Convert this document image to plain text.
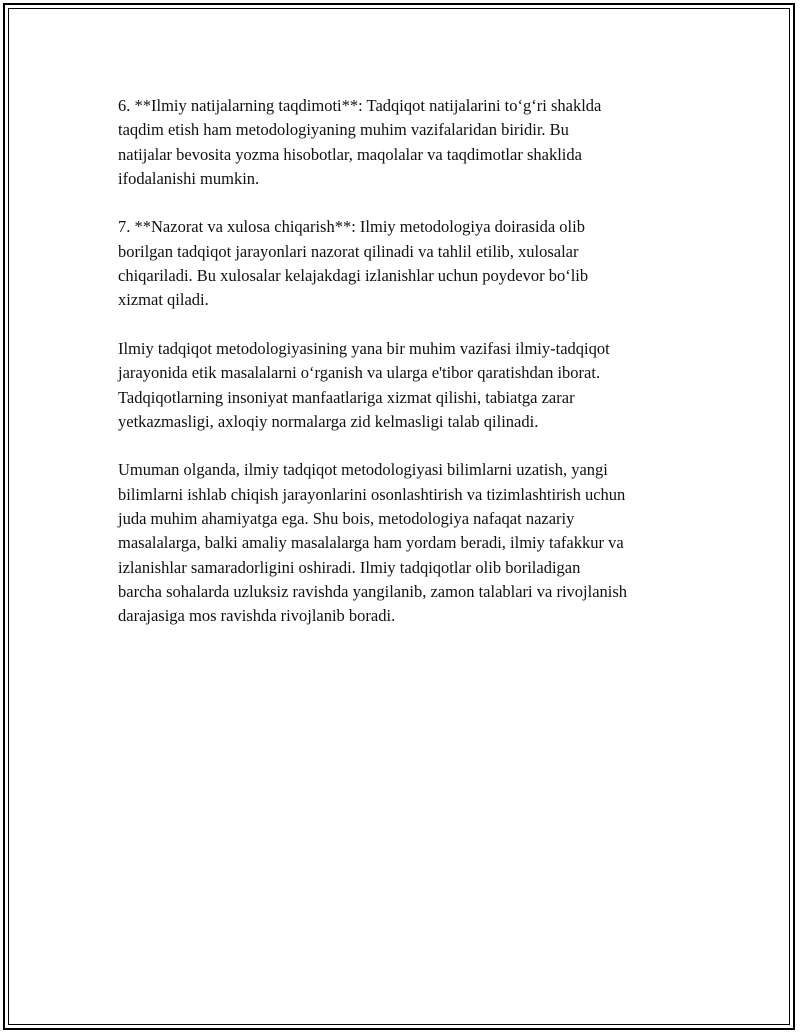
6. **Ilmiy natijalarning taqdimoti**: Tadqiqot natijalarini to‘g‘ri shaklda
taqdim etish ham metodologiyaning muhim vazifalaridan biridir. Bu
natijalar bevosita yozma hisobotlar, maqolalar va taqdimotlar shaklida
ifodalanishi mumkin.

7. **Nazorat va xulosa chiqarish**: Ilmiy metodologiya doirasida olib
borilgan tadqiqot jarayonlari nazorat qilinadi va tahlil etilib, xulosalar
chiqariladi. Bu xulosalar kelajakdagi izlanishlar uchun poydevor bo‘lib
xizmat qiladi.

Ilmiy tadqiqot metodologiyasining yana bir muhim vazifasi ilmiy-tadqiqot
jarayonida etik masalalarni o‘rganish va ularga e'tibor qaratishdan iborat.
Tadqiqotlarning insoniyat manfaatlariga xizmat qilishi, tabiatga zarar
yetkazmasligi, axloqiy normalarga zid kelmasligi talab qilinadi.

Umuman olganda, ilmiy tadqiqot metodologiyasi bilimlarni uzatish, yangi
bilimlarni ishlab chiqish jarayonlarini osonlashtirish va tizimlashtirish uchun
juda muhim ahamiyatga ega. Shu bois, metodologiya nafaqat nazariy
masalalarga, balki amaliy masalalarga ham yordam beradi, ilmiy tafakkur va
izlanishlar samaradorligini oshiradi. Ilmiy tadqiqotlar olib boriladigan
barcha sohalarda uzluksiz ravishda yangilanib, zamon talablari va rivojlanish
darajasiga mos ravishda rivojlanib boradi.
